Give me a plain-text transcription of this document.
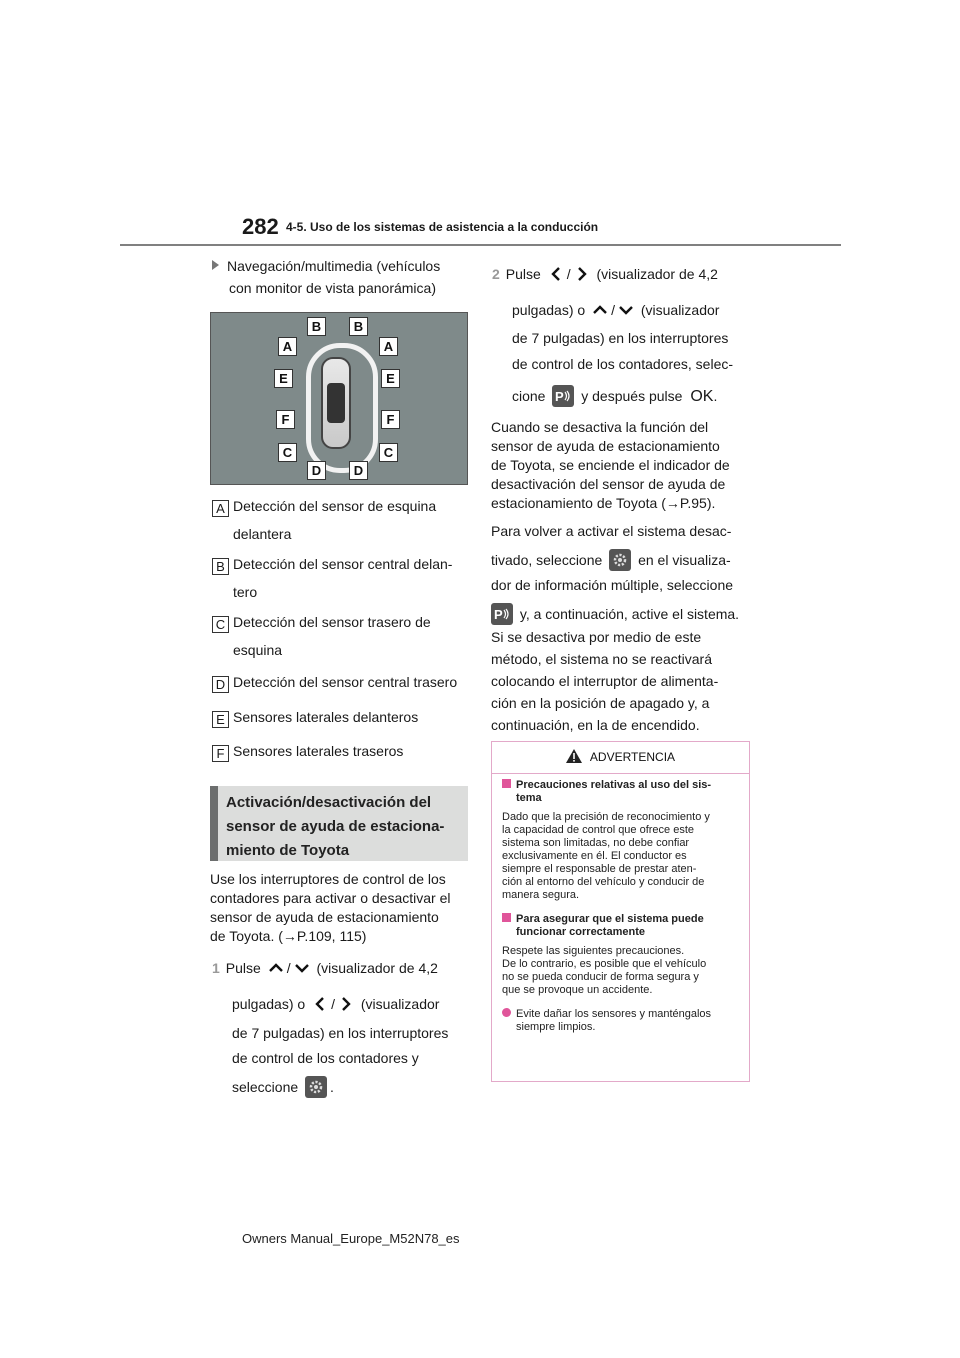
282 4-5. Uso de los sistemas de asistencia a la conducción
Navegación/multimedia (vehículos
con monitor de vista panorámica)
B	B
A	A
E	E
F	F
C	C
D	D
A Detección del sensor de esquina
delantera
B Detección del sensor central delan-
tero
C Detección del sensor trasero de
esquina
D Detección del sensor central trasero
E Sensores laterales delanteros
F Sensores laterales traseros
Activación/desactivación del
sensor de ayuda de estaciona-
miento de Toyota
Use los interruptores de control de los
contadores para activar o desactivar el
sensor de ayuda de estacionamiento
de Toyota. (→P.109, 115)
1 Pulse / (visualizador de 4,2
pulgadas) o / (visualizador
de 7 pulgadas) en los interruptores
de control de los contadores y
seleccione .
2 Pulse / (visualizador de 4,2
pulgadas) o / (visualizador
de 7 pulgadas) en los interruptores
de control de los contadores, selec-
cione P y después pulse OK.
Cuando se desactiva la función del
sensor de ayuda de estacionamiento
de Toyota, se enciende el indicador de
desactivación del sensor de ayuda de
estacionamiento de Toyota (→P.95).
Para volver a activar el sistema desac-
tivado, seleccione	en el visualiza-
dor de información múltiple, seleccione
P y, a continuación, active el sistema.
Si se desactiva por medio de este
método, el sistema no se reactivará
colocando el interruptor de alimenta-
ción en la posición de apagado y, a
continuación, en la de encendido.
ADVERTENCIA

Precauciones relativas al uso del sis-
tema

Dado que la precisión de reconocimiento y
la capacidad de control que ofrece este
sistema son limitadas, no debe confiar
exclusivamente en él. El conductor es
siempre el responsable de prestar aten-
ción al entorno del vehículo y conducir de
manera segura.

Para asegurar que el sistema puede
funcionar correctamente

Respete las siguientes precauciones.
De lo contrario, es posible que el vehículo
no se pueda conducir de forma segura y
que se provoque un accidente.

Evite dañar los sensores y manténgalos
siempre limpios.

Owners Manual_Europe_M52N78_es
